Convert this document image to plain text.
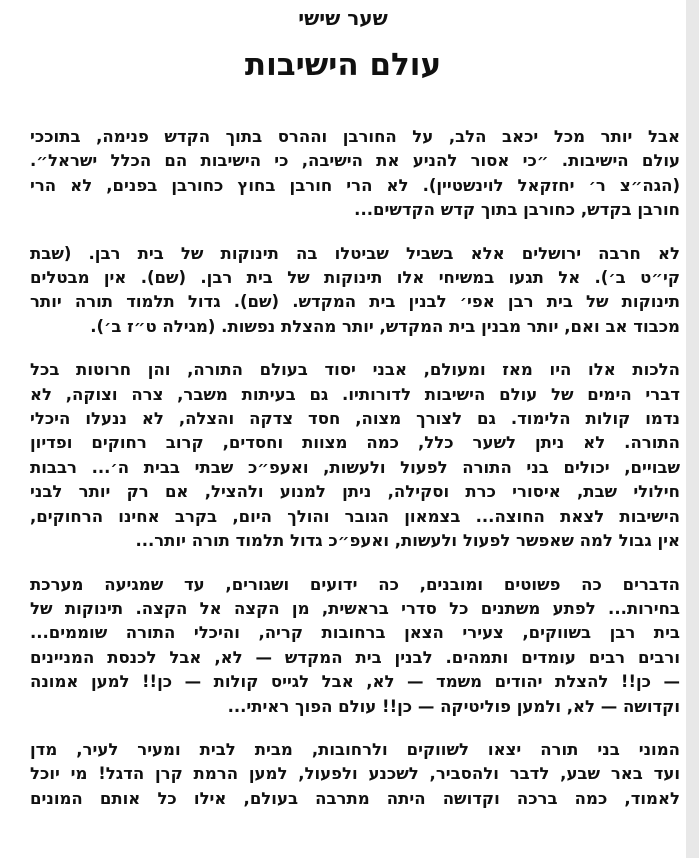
שער שישי
עולם הישיבות
אבל יותר מכל יכאב הלב, על החורבן וההרס בתוך הקדש פנימה, בתוככי
עולם הישיבות. ״כי אסור להניע את הישיבה, כי הישיבות הם הכלל ישראל״.
(הגה״צ ר׳ יחזקאל לוינשטיין). לא הרי חורבן בחוץ כחורבן בפנים, לא הרי
חורבן בקדש, כחורבן בתוך קדש הקדשים...
לא חרבה ירושלים אלא בשביל שביטלו בה תינוקות של בית רבן. (שבת
קי״ט ב׳). אל תגעו במשיחי אלו תינוקות של בית רבן. (שם). אין מבטלים
תינוקות של בית רבן אפי׳ לבנין בית המקדש. (שם). גדול תלמוד תורה יותר
מכבוד אב ואם, יותר מבנין בית המקדש, יותר מהצלת נפשות. (מגילה ט״ז ב׳).
הלכות אלו היו מאז ומעולם, אבני יסוד בעולם התורה, והן חרוטות בכל
דברי הימים של עולם הישיבות לדורותיו. גם בעיתות משבר, צרה וצוקה, לא
נדמו קולות הלימוד. גם לצורך מצוה, חסד צדקה והצלה, לא ננעלו היכלי
התורה. לא ניתן לשער כלל, כמה מצוות וחסדים, קרוב רחוקים ופדיון
שבויים, יכולים בני התורה לפעול ולעשות, ואעפ״כ שבתי בבית ה׳... רבבות
חילולי שבת, איסורי כרת וסקילה, ניתן למנוע ולהציל, אם רק יותר לבני
הישיבות לצאת החוצה... בצמאון הגובר והולך היום, בקרב אחינו הרחוקים,
אין גבול למה שאפשר לפעול ולעשות, ואעפ״כ גדול תלמוד תורה יותר...
הדברים כה פשוטים ומובנים, כה ידועים ושגורים, עד שמגיעה מערכת
בחירות... לפתע משתנים כל סדרי בראשית, מן הקצה אל הקצה. תינוקות של
בית רבן בשווקים, צעירי הצאן ברחובות קריה, והיכלי התורה שוממים...
ורבים רבים עומדים ותמהים. לבנין בית המקדש — לא, אבל לכנסת המניינים
— כן!! להצלת יהודים משמד — לא, אבל לגייס קולות — כן!! למען אמונה
וקדושה — לא, ולמען פוליטיקה — כן!! עולם הפוך ראיתי...
המוני בני תורה יצאו לשווקים ולרחובות, מבית לבית ומעיר לעיר, מדן
ועד באר שבע, לדבר ולהסביר, לשכנע ולפעול, למען הרמת קרן הדגל! מי יוכל
לאמוד, כמה ברכה וקדושה היתה מתרבה בעולם, אילו כל אותם המונים
